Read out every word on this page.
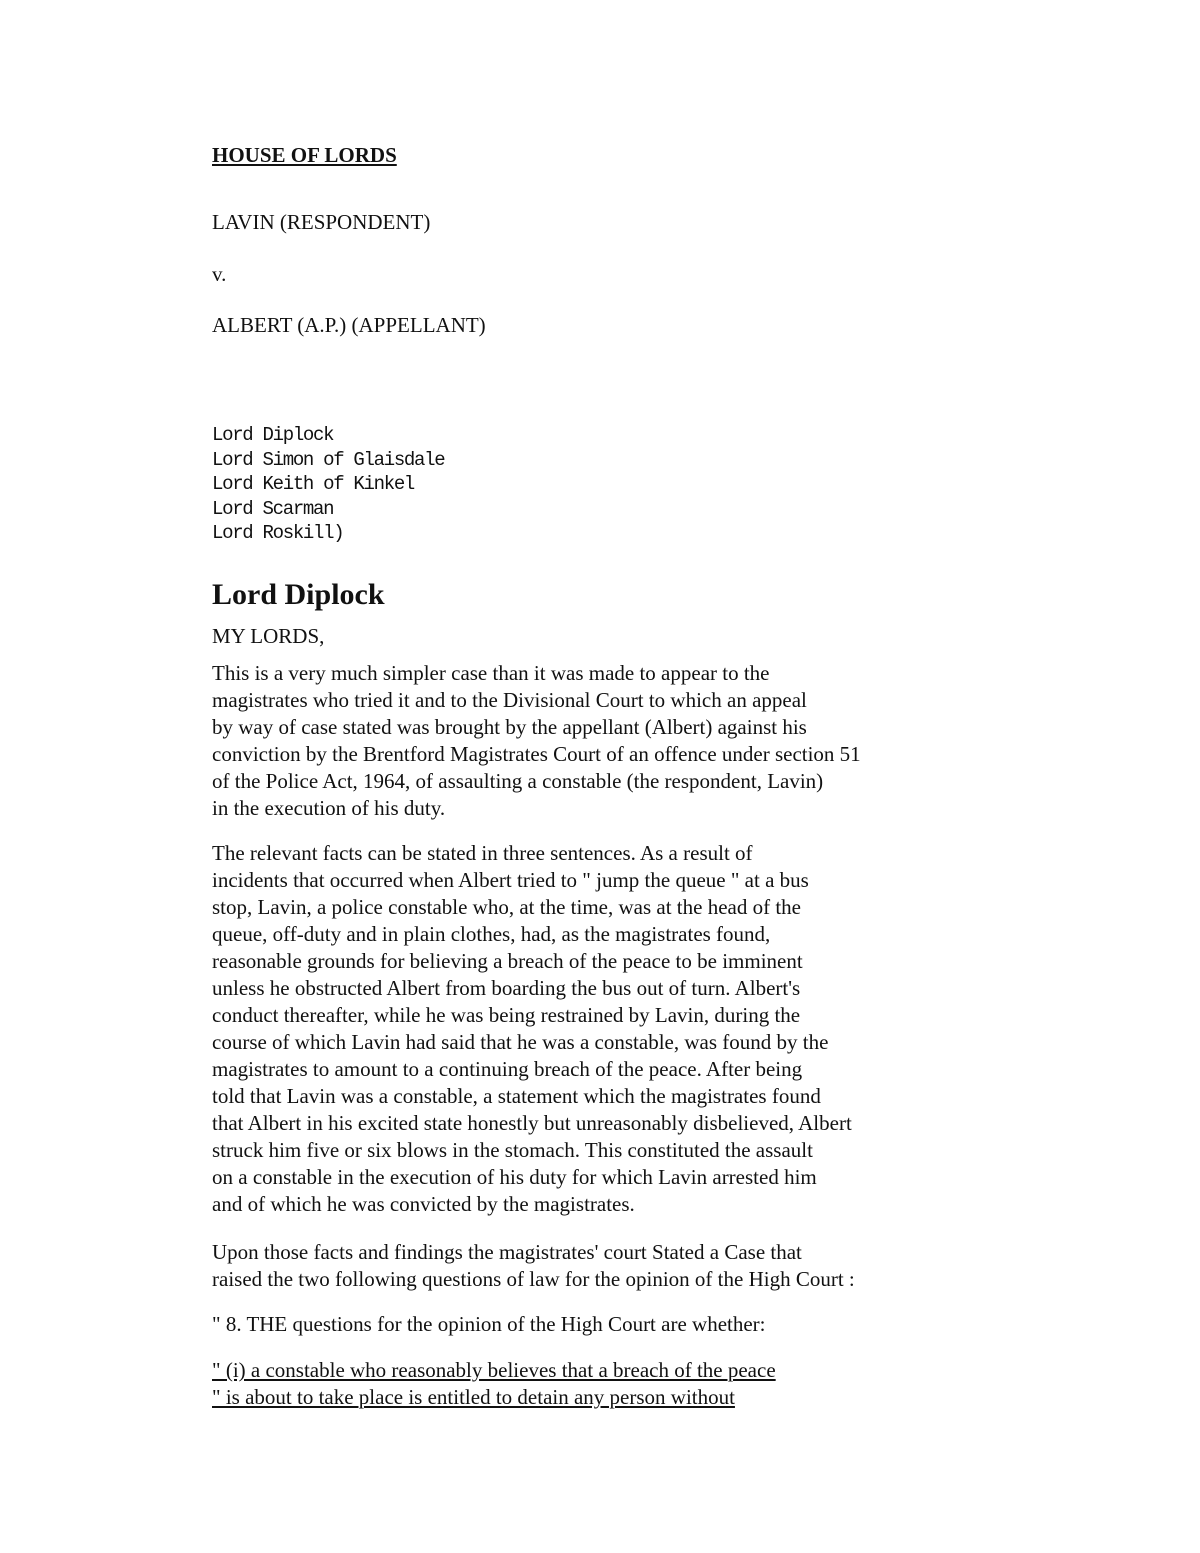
HOUSE OF LORDS
LAVIN (RESPONDENT)
v.
ALBERT (A.P.) (APPELLANT)
Lord Diplock
Lord Simon of Glaisdale
Lord Keith of Kinkel
Lord Scarman
Lord Roskill)
Lord Diplock
MY LORDS,
This is a very much simpler case than it was made to appear to the
magistrates who tried it and to the Divisional Court to which an appeal
by way of case stated was brought by the appellant (Albert) against his
conviction by the Brentford Magistrates Court of an offence under section 51
of the Police Act, 1964, of assaulting a constable (the respondent, Lavin)
in the execution of his duty.
The relevant facts can be stated in three sentences. As a result of
incidents that occurred when Albert tried to " jump the queue " at a bus
stop, Lavin, a police constable who, at the time, was at the head of the
queue, off-duty and in plain clothes, had, as the magistrates found,
reasonable grounds for believing a breach of the peace to be imminent
unless he obstructed Albert from boarding the bus out of turn. Albert's
conduct thereafter, while he was being restrained by Lavin, during the
course of which Lavin had said that he was a constable, was found by the
magistrates to amount to a continuing breach of the peace. After being
told that Lavin was a constable, a statement which the magistrates found
that Albert in his excited state honestly but unreasonably disbelieved, Albert
struck him five or six blows in the stomach. This constituted the assault
on a constable in the execution of his duty for which Lavin arrested him
and of which he was convicted by the magistrates.
Upon those facts and findings the magistrates' court Stated a Case that
raised the two following questions of law for the opinion of the High Court :
" 8. THE questions for the opinion of the High Court are whether:
" (i) a constable who reasonably believes that a breach of the peace
" is about to take place is entitled to detain any person without
